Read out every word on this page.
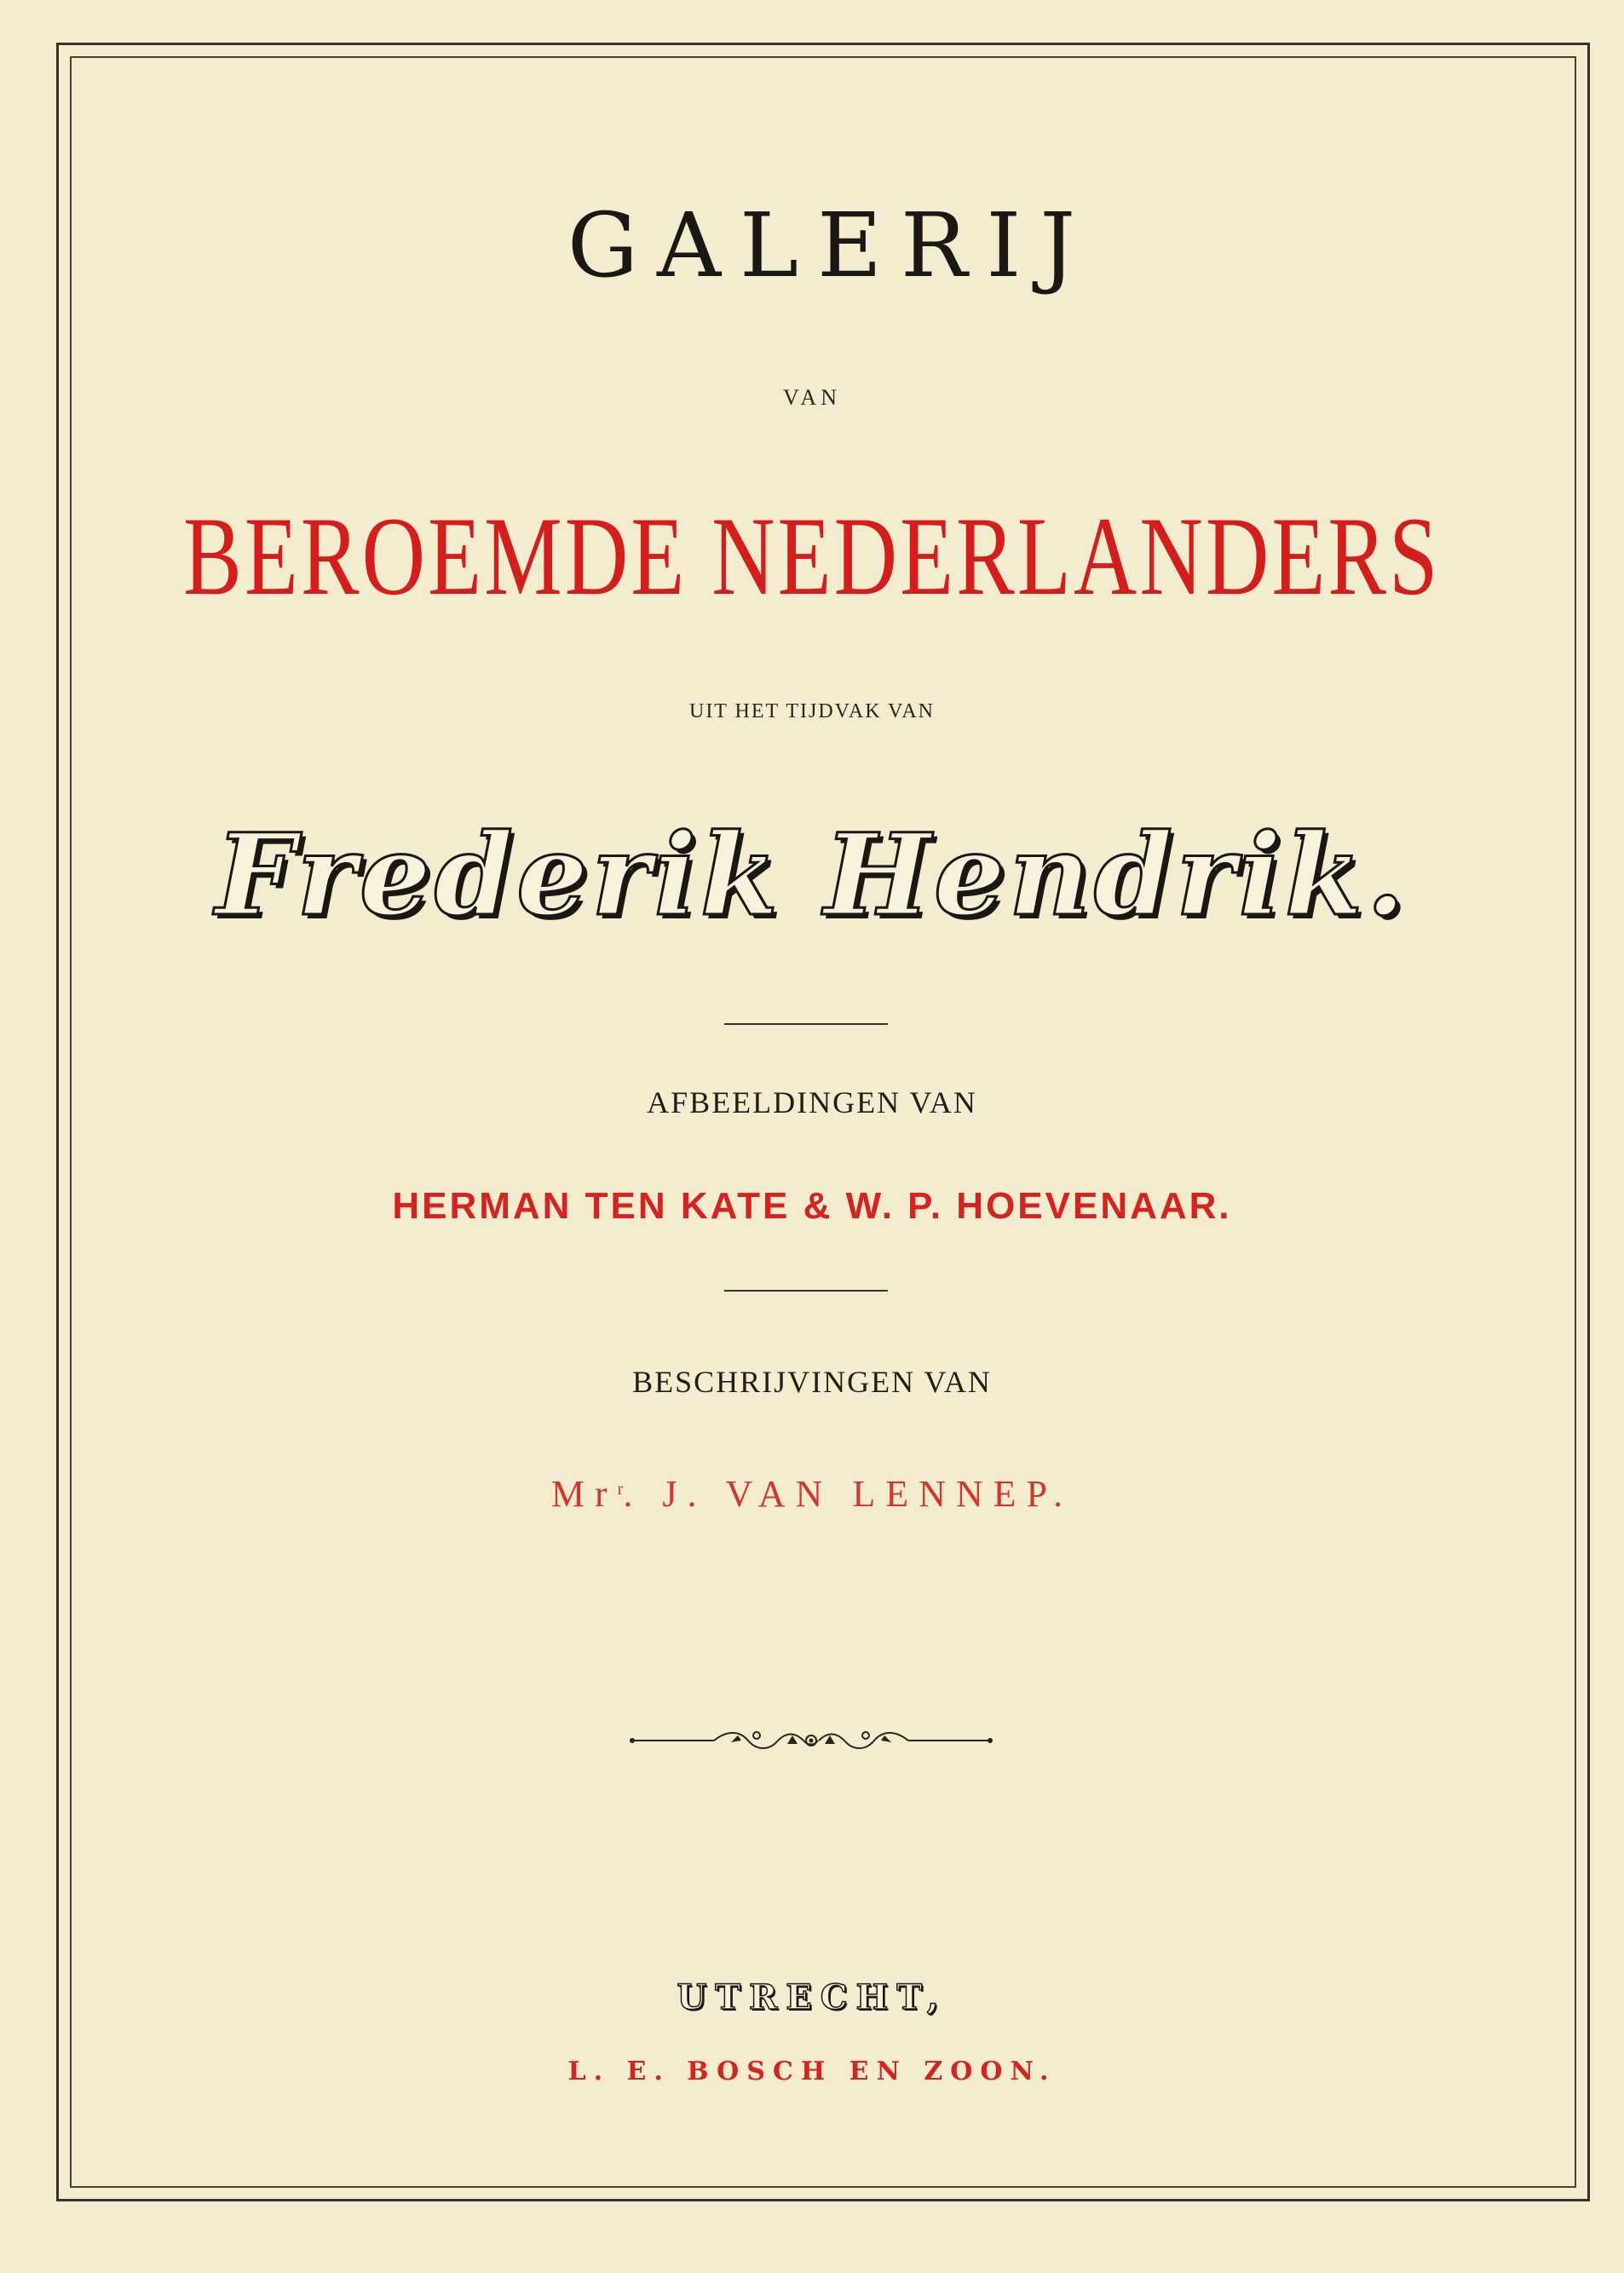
GALERIJ
VAN
BEROEMDE NEDERLANDERS
UIT HET TIJDVAK VAN
Frederik Hendrik.
AFBEELDINGEN VAN
HERMAN TEN KATE & W. P. HOEVENAAR.
BESCHRIJVINGEN VAN
Mr$^r$. J. VAN LENNEP.
UTRECHT,
L. E. BOSCH EN ZOON.
